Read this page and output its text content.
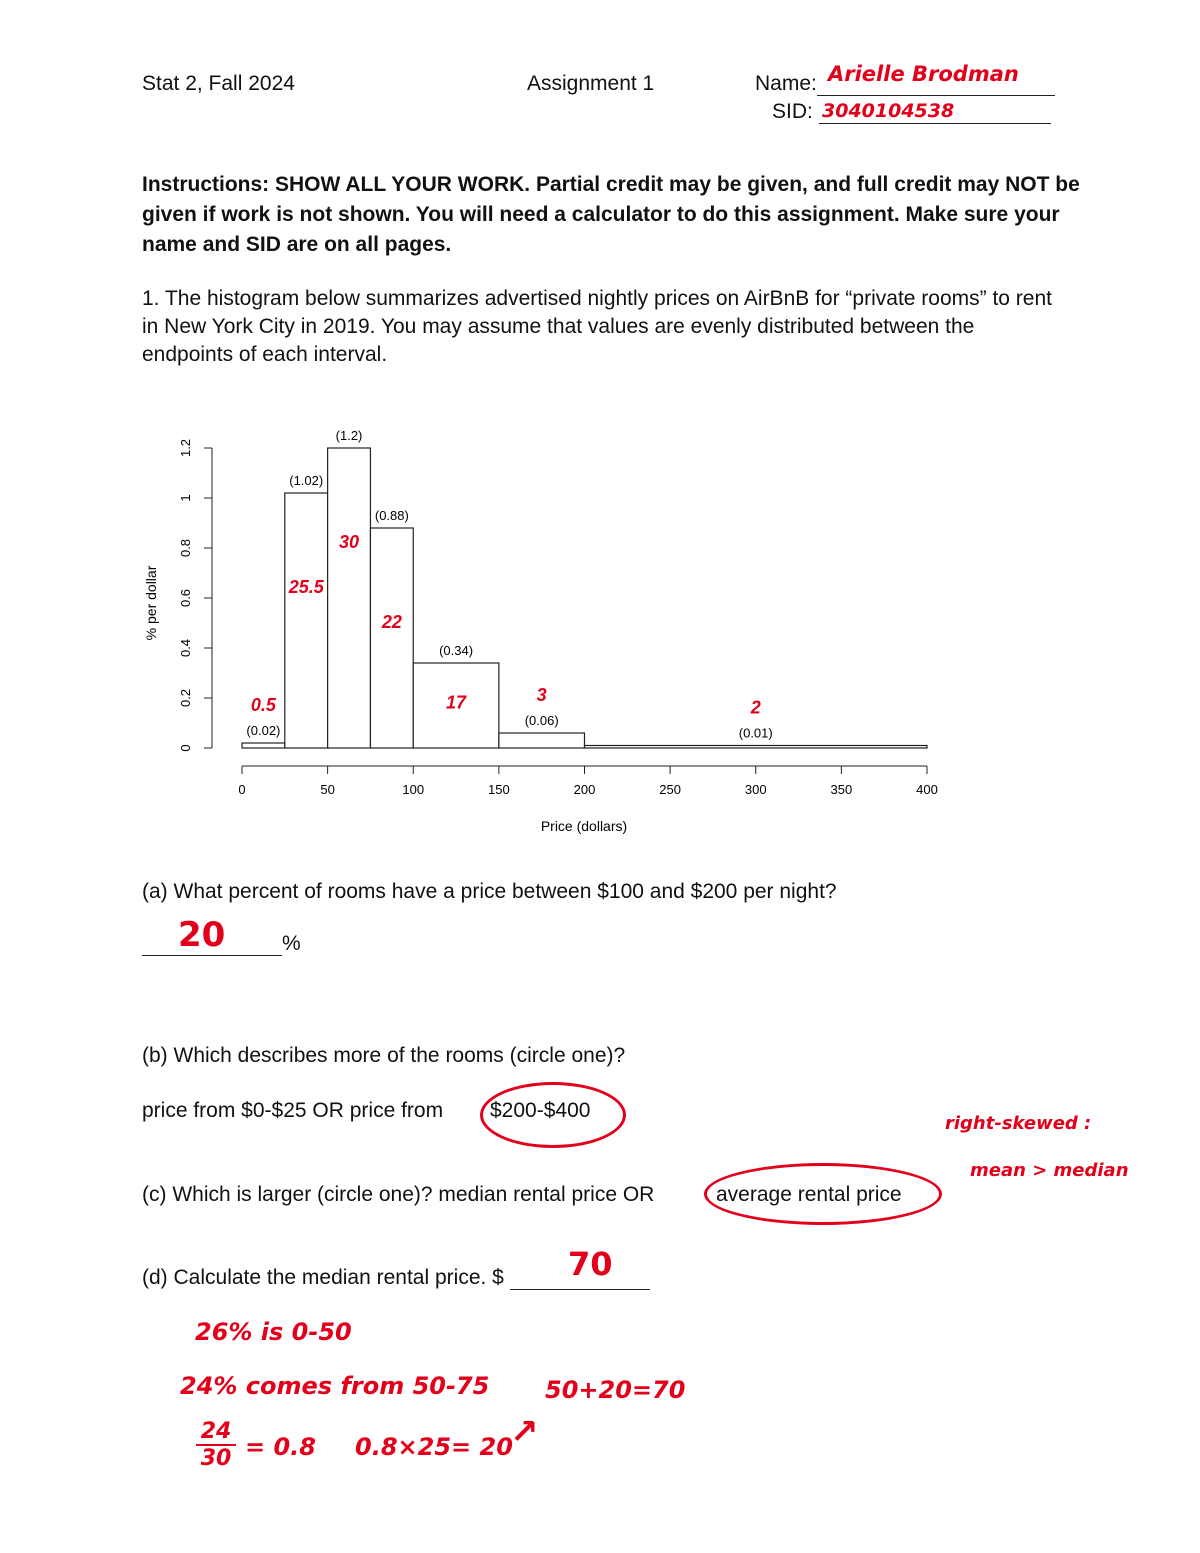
Stat 2, Fall 2024	Assignment 1	Name: Arielle Brodman
SID: 3040104538
Instructions: SHOW ALL YOUR WORK. Partial credit may be given, and full credit may NOT be given if work is not shown. You will need a calculator to do this assignment. Make sure your name and SID are on all pages.
1. The histogram below summarizes advertised nightly prices on AirBnB for “private rooms” to rent in New York City in 2019. You may assume that values are evenly distributed between the endpoints of each interval.
0
0.2
0.4
0.6
0.8
1
1.2
0	50	100	150	200	250	300	350	400
(0.02)
0.5
(1.02)
25.5
(1.2)
30
(0.88)
22
(0.34)
17
(0.06)
3
(0.01)
2
Price (dollars)
% per dollar
(a) What percent of rooms have a price between $100 and $200 per night?
%
20
(b) Which describes more of the rooms (circle one)?
price from $0-$25 OR price from $200-$400
right-skewed :
mean > median
(c) Which is larger (circle one)? median rental price OR	average rental price
(d) Calculate the median rental price. $	70
26% is 0-50
24% comes from 50-75 50+20=70
↗
$\frac{24}{30} = 0.8$ 0.8×25= 20
